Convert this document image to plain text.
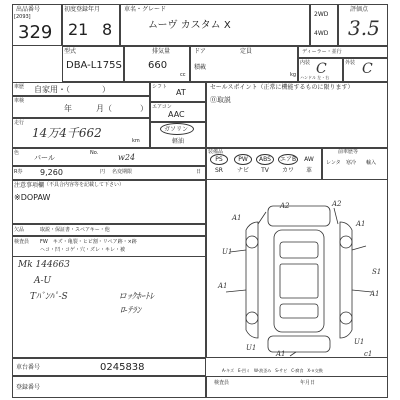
出品番号
[2093]
329
初度登録年月
21 8
車名・グレード
ムーヴ カスタム X
2WD
4WD
評価点
3.5
型式
DBA-L175S
排気量
660
cc
ドア	定員
積載
kg
ディーラー・並行
内装	外装
ハンドル 左・右
C	C
車歴 自家用・（　　　　）	シフト
AT
車検
年	月（	） エアコン
AAC
走行
14万4千662
km
ガソリン
軽油
色
パール
No. w24
R券 9,260	円 名変期限	日
セールスポイント（正常に機能するものに限ります）
⓪取説
装備品
PS	PW	ABS	エアB	AW
SR	ナビ	TV	カワ	革
前車歴等
レンタ 寒冷 輸入
注意事項欄 （不具合内容等を記載して下さい）
※DOPAW
欠品	取説・保証書・スペアキー・他
検査員 FW　キズ・亀裂・ヒビ割・リペア跡・×跡
ヘコ・凹・コゲ・穴・ズレ・キレ・被
Mk 144663
A-U
Tﾊﾞﾝﾊﾟ-S	ロｯｸﾎｰﾄﾚ
ﾛ-ﾃﾗﾝ
A2	A2
A1
A1
U1
S1
A1
A1
U1
A1
U1
c1
車台番号	0245838
登録番号
A-キズ　E-凹ミ　W-波歪み　S-サビ　C-腐食　X-×交換
検査員	年月日
